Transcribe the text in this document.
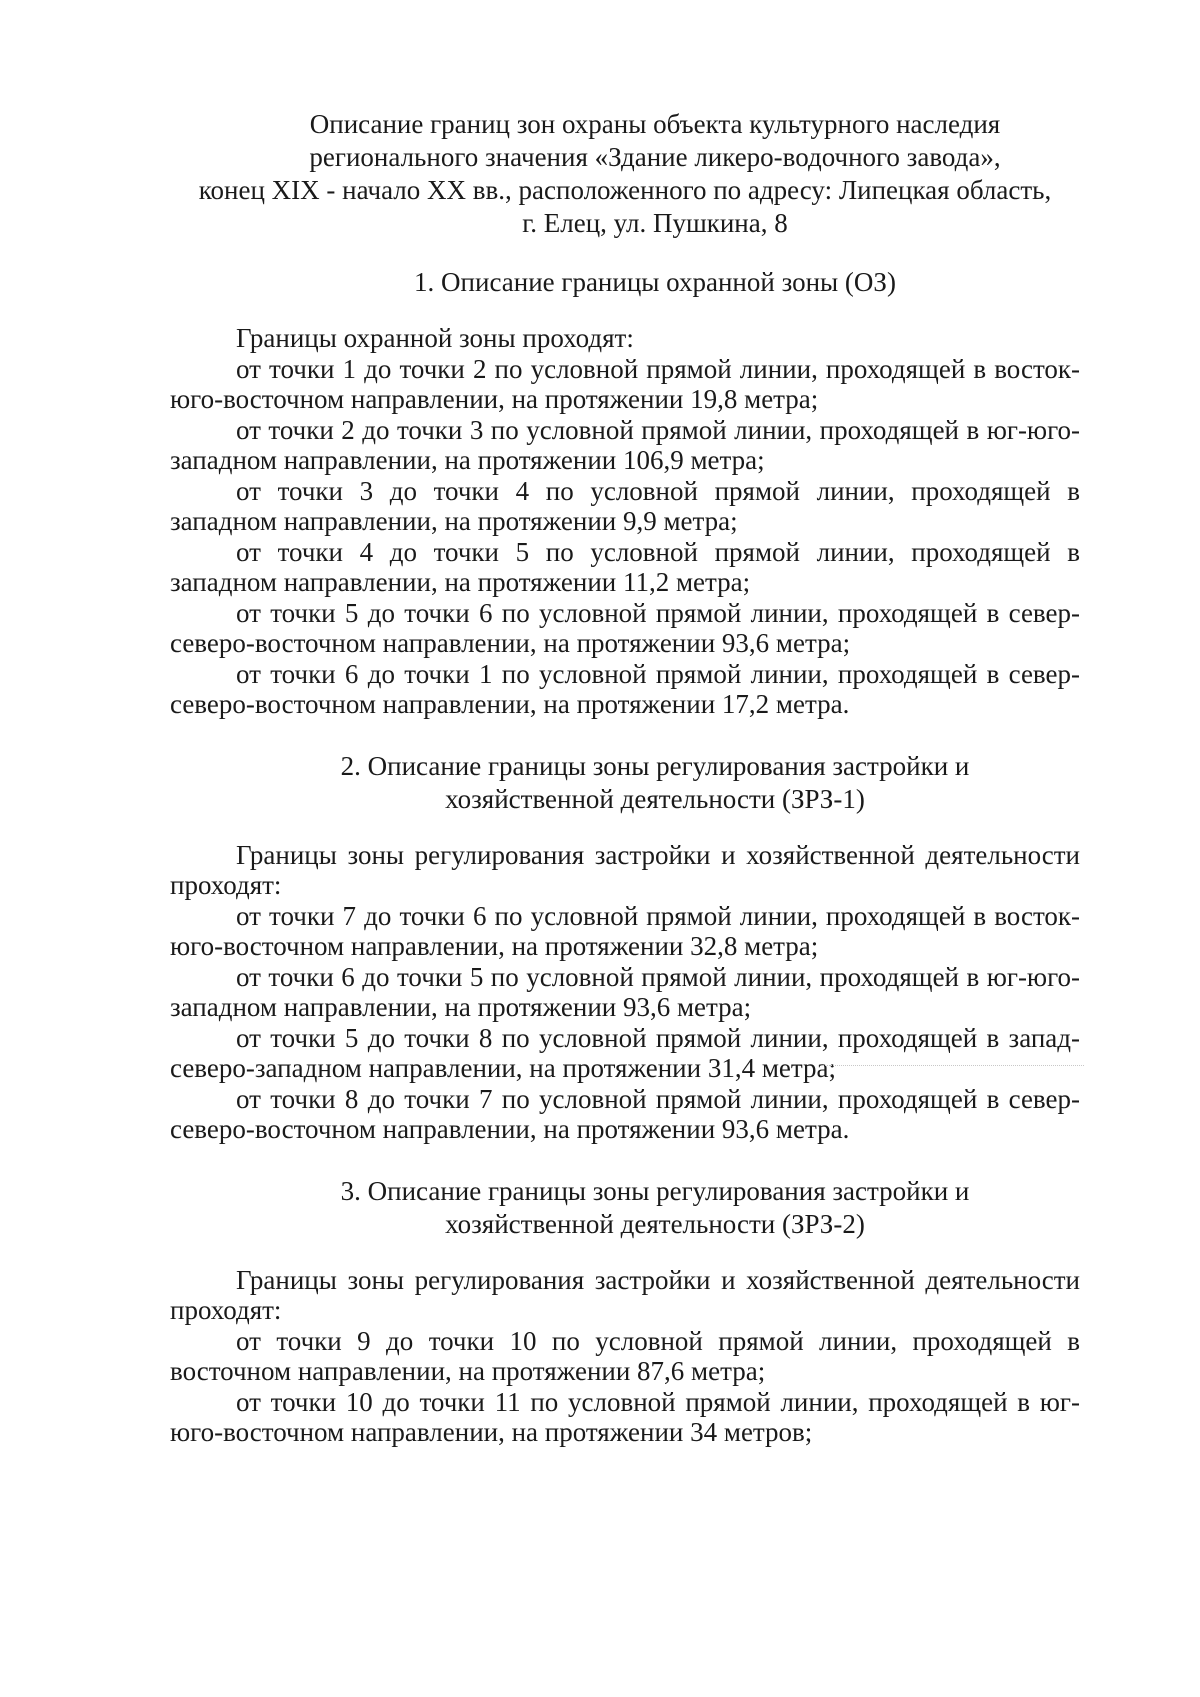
Описание границ зон охраны объекта культурного наследия
регионального значения «Здание ликеро-водочного завода»,
конец XIX - начало XX вв., расположенного по адресу: Липецкая область,
г. Елец, ул. Пушкина, 8
1. Описание границы охранной зоны (ОЗ)

Границы охранной зоны проходят:

от точки 1 до точки 2 по условной прямой линии, проходящей в восток-юго-восточном направлении, на протяжении 19,8 метра;

от точки 2 до точки 3 по условной прямой линии, проходящей в юг-юго-западном направлении, на протяжении 106,9 метра;

от точки 3 до точки 4 по условной прямой линии, проходящей в западном направлении, на протяжении 9,9 метра;

от точки 4 до точки 5 по условной прямой линии, проходящей в западном направлении, на протяжении 11,2 метра;

от точки 5 до точки 6 по условной прямой линии, проходящей в север-северо-восточном направлении, на протяжении 93,6 метра;

от точки 6 до точки 1 по условной прямой линии, проходящей в север-северо-восточном направлении, на протяжении 17,2 метра.

2. Описание границы зоны регулирования застройки и
хозяйственной деятельности (ЗРЗ-1)

Границы зоны регулирования застройки и хозяйственной деятельности проходят:

от точки 7 до точки 6 по условной прямой линии, проходящей в восток-юго-восточном направлении, на протяжении 32,8 метра;

от точки 6 до точки 5 по условной прямой линии, проходящей в юг-юго-западном направлении, на протяжении 93,6 метра;

от точки 5 до точки 8 по условной прямой линии, проходящей в запад-северо-западном направлении, на протяжении 31,4 метра;

от точки 8 до точки 7 по условной прямой линии, проходящей в север-северо-восточном направлении, на протяжении 93,6 метра.

3. Описание границы зоны регулирования застройки и
хозяйственной деятельности (ЗРЗ-2)

Границы зоны регулирования застройки и хозяйственной деятельности проходят:

от точки 9 до точки 10 по условной прямой линии, проходящей в восточном направлении, на протяжении 87,6 метра;

от точки 10 до точки 11 по условной прямой линии, проходящей в юг-юго-восточном направлении, на протяжении 34 метров;
